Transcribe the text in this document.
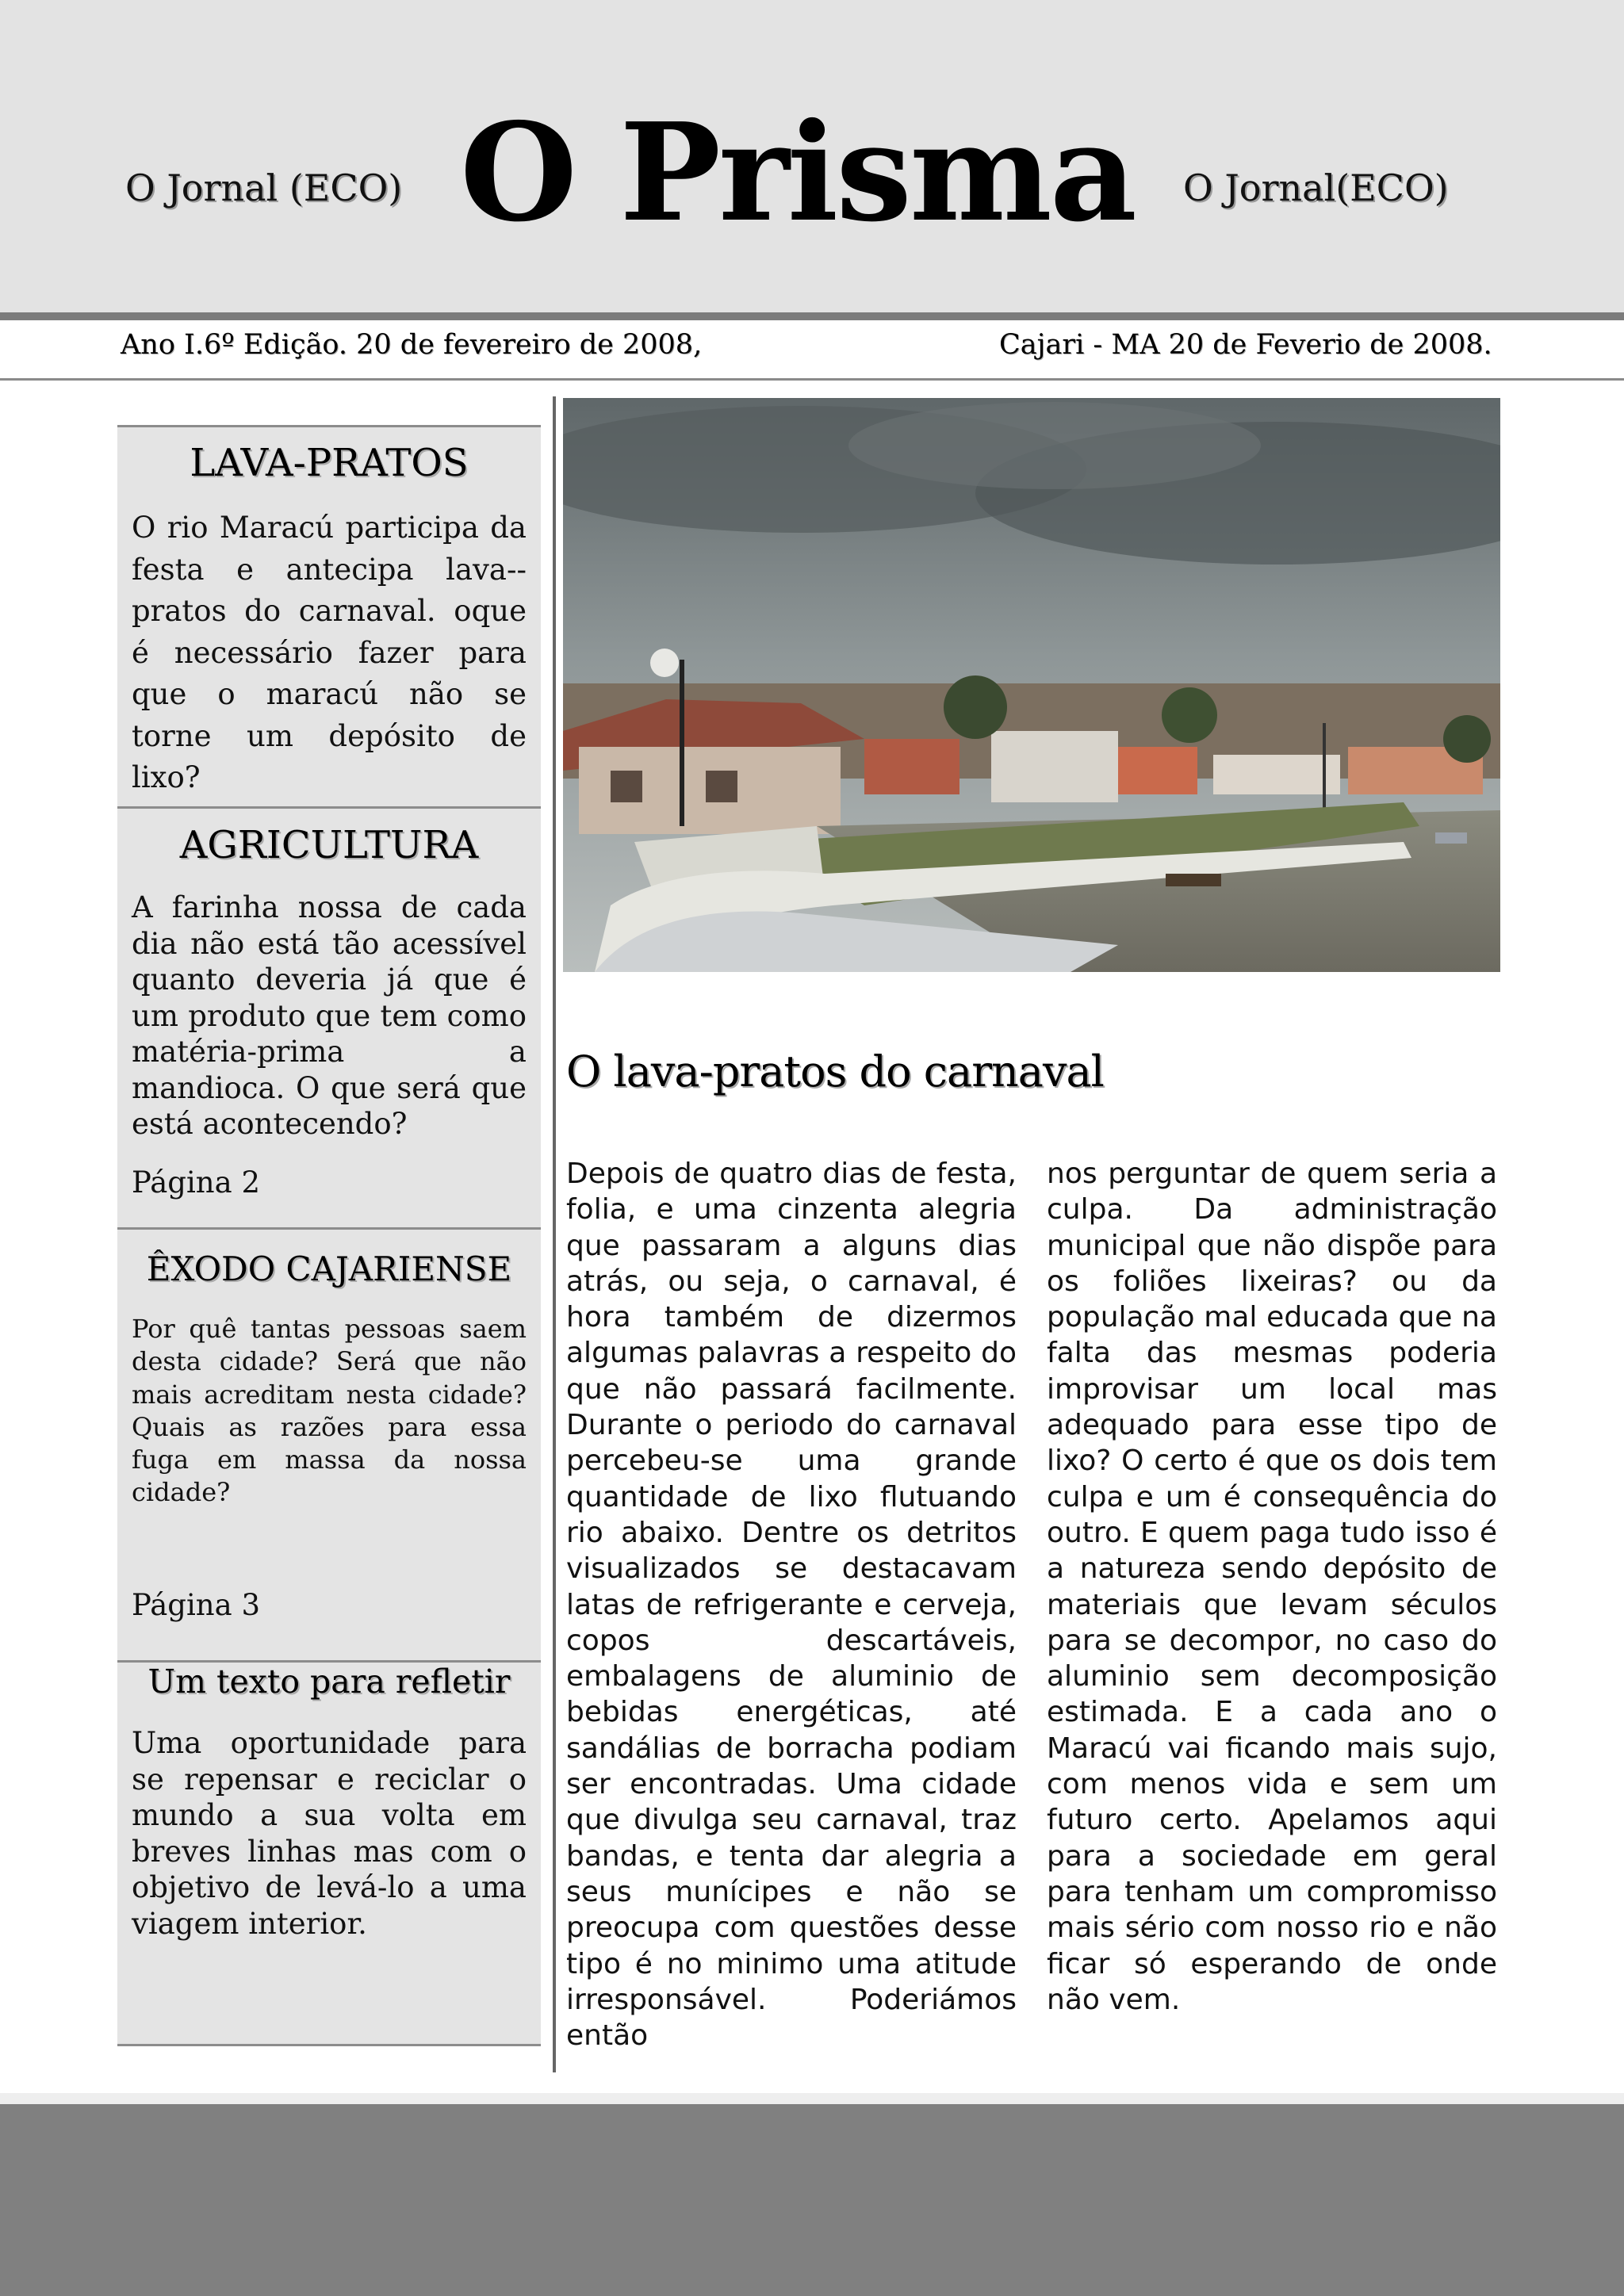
O Jornal (ECO) O Prisma O Jornal(ECO)
Ano I.6º Edição. 20 de fevereiro de 2008,	Cajari - MA 20 de Feverio de 2008.
LAVA-PRATOS

O rio Maracú participa da festa e antecipa lava--pratos do carnaval. oque é necessário fazer para que o maracú não se torne um depósito de lixo?

AGRICULTURA

A farinha nossa de cada dia não está tão acessível quanto deveria já que é um produto que tem como matéria-prima a mandioca. O que será que está acontecendo?

Página 2

ÊXODO CAJARIENSE

Por quê tantas pessoas saem desta cidade? Será que não mais acreditam nesta cidade? Quais as razões para essa fuga em massa da nossa cidade?

Página 3

Um texto para refletir

Uma oportunidade para se repensar e reciclar o mundo a sua volta em breves linhas mas com o objetivo de levá-lo a uma viagem interior.

O lava-pratos do carnaval

Depois de quatro dias de festa, folia, e uma cinzenta alegria que passaram a alguns dias atrás, ou seja, o carnaval, é hora também de dizermos algumas palavras a respeito do que não passará facilmente. Durante o periodo do carnaval percebeu-se uma grande quantidade de lixo flutuando rio abaixo. Dentre os detritos visualizados se destacavam latas de refrigerante e cerveja, copos descartáveis, embalagens de aluminio de bebidas energéticas, até sandálias de borracha podiam ser encontradas. Uma cidade que divulga seu carnaval, traz bandas, e tenta dar alegria a seus munícipes e não se preocupa com questões desse tipo é no minimo uma atitude irresponsável. Poderiámos então

nos perguntar de quem seria a culpa. Da administração municipal que não dispõe para os foliões lixeiras? ou da população mal educada que na falta das mesmas poderia improvisar um local mas adequado para esse tipo de lixo? O certo é que os dois tem culpa e um é consequência do outro. E quem paga tudo isso é a natureza sendo depósito de materiais que levam séculos para se decompor, no caso do aluminio sem decomposição estimada. E a cada ano o Maracú vai ficando mais sujo, com menos vida e sem um futuro certo. Apelamos aqui para a sociedade em geral para tenham um compromisso mais sério com nosso rio e não ficar só esperando de onde não vem.
